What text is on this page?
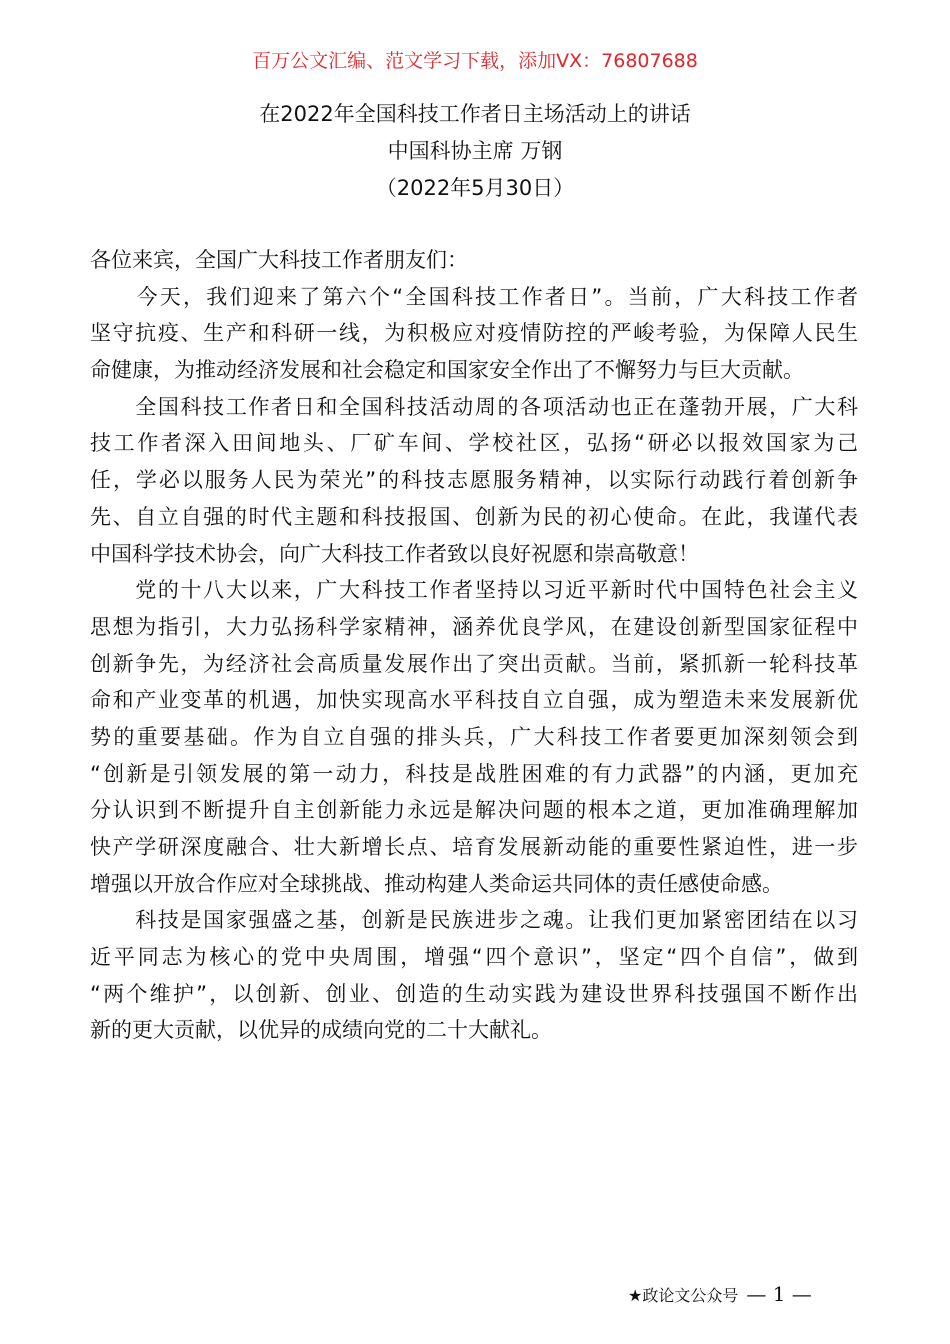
百万公文汇编、范文学习下载，添加VX：76807688
在2022年全国科技工作者日主场活动上的讲话
中国科协主席 万钢
（2022年5月30日）
各位来宾，全国广大科技工作者朋友们：
　　今天，我们迎来了第六个“全国科技工作者日”。当前，广大科技工作者
坚守抗疫、生产和科研一线，为积极应对疫情防控的严峻考验，为保障人民生
命健康，为推动经济发展和社会稳定和国家安全作出了不懈努力与巨大贡献。
　　全国科技工作者日和全国科技活动周的各项活动也正在蓬勃开展，广大科
技工作者深入田间地头、厂矿车间、学校社区，弘扬“研必以报效国家为己
任，学必以服务人民为荣光”的科技志愿服务精神，以实际行动践行着创新争
先、自立自强的时代主题和科技报国、创新为民的初心使命。在此，我谨代表
中国科学技术协会，向广大科技工作者致以良好祝愿和崇高敬意！
　　党的十八大以来，广大科技工作者坚持以习近平新时代中国特色社会主义
思想为指引，大力弘扬科学家精神，涵养优良学风，在建设创新型国家征程中
创新争先，为经济社会高质量发展作出了突出贡献。当前，紧抓新一轮科技革
命和产业变革的机遇，加快实现高水平科技自立自强，成为塑造未来发展新优
势的重要基础。作为自立自强的排头兵，广大科技工作者要更加深刻领会到
“创新是引领发展的第一动力，科技是战胜困难的有力武器”的内涵，更加充
分认识到不断提升自主创新能力永远是解决问题的根本之道，更加准确理解加
快产学研深度融合、壮大新增长点、培育发展新动能的重要性紧迫性，进一步
增强以开放合作应对全球挑战、推动构建人类命运共同体的责任感使命感。
　　科技是国家强盛之基，创新是民族进步之魂。让我们更加紧密团结在以习
近平同志为核心的党中央周围，增强“四个意识”，坚定“四个自信”，做到
“两个维护”，以创新、创业、创造的生动实践为建设世界科技强国不断作出
新的更大贡献，以优异的成绩向党的二十大献礼。
★政论文公众号 — 1 —
